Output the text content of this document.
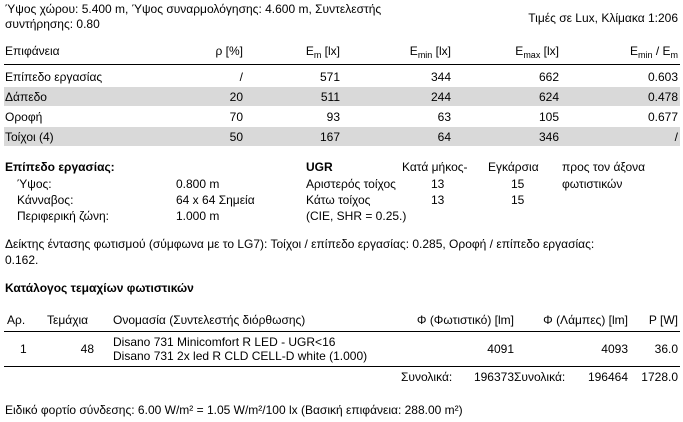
Ύψος χώρου: 5.400 m, Ύψος συναρμολόγησης: 4.600 m, Συντελεστής
συντήρησης: 0.80	Τιμές σε Lux, Κλίμακα 1:206
Επιφάνεια	ρ [%]	$E_m$ [lx]	$E_{min}$ [lx]	$E_{max}$ [lx]	$E_{min} / E_m$
Επίπεδο εργασίας	/	571	344	662	0.603
Δάπεδο	20	511	244	624	0.478
Οροφή	70	93	63	105	0.677
Τοίχοι (4)	50	167	64	346	/
Επίπεδο εργασίας:
Ύψος:	0.800 m
Κάνναβος:	64 x 64 Σημεία
Περιφερική ζώνη:	1.000 m
UGR	Κατά μήκος- Εγκάρσια προς τον άξονα
φωτιστικών
Αριστερός τοίχος	13	15
Κάτω τοίχος	13	15
(CIE, SHR = 0.25.)
Δείκτης έντασης φωτισμού (σύμφωνα με το LG7): Τοίχοι / επίπεδο εργασίας: 0.285, Οροφή / επίπεδο εργασίας:
0.162.
Κατάλογος τεμαχίων φωτιστικών
Αρ. Τεμάχια Ονομασία (Συντελεστής διόρθωσης)	Φ (Φωτιστικό) [lm] Φ (Λάμπες) [lm] P [W]
1	48 Disano 731 Minicomfort R LED - UGR<16
Disano 731 2x led R CLD CELL-D white (1.000)	4091	4093 36.0
Συνολικά: 196373 Συνολικά: 196464 1728.0
Ειδικό φορτίο σύνδεσης: 6.00 W/m² = 1.05 W/m²/100 lx (Βασική επιφάνεια: 288.00 m²)
